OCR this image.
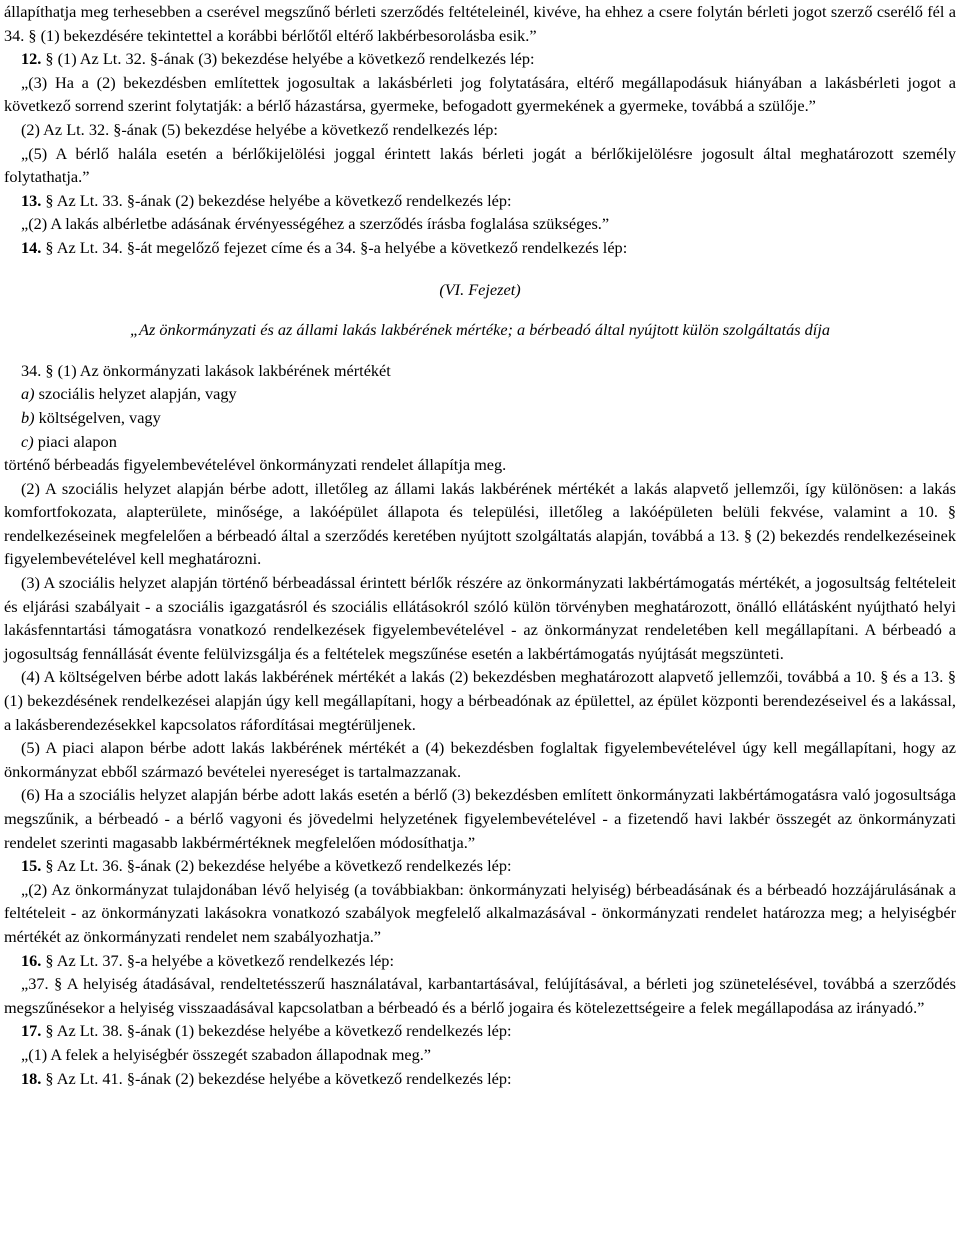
állapíthatja meg terhesebben a cserével megszűnő bérleti szerződés feltételeinél, kivéve, ha ehhez a csere folytán bérleti jogot szerző cserélő fél a 34. § (1) bekezdésére tekintettel a korábbi bérlőtől eltérő lakbérbesorolásba esik.”

12. § (1) Az Lt. 32. §-ának (3) bekezdése helyébe a következő rendelkezés lép:

„(3) Ha a (2) bekezdésben említettek jogosultak a lakásbérleti jog folytatására, eltérő megállapodásuk hiányában a lakásbérleti jogot a következő sorrend szerint folytatják: a bérlő házastársa, gyermeke, befogadott gyermekének a gyermeke, továbbá a szülője.”

(2) Az Lt. 32. §-ának (5) bekezdése helyébe a következő rendelkezés lép:

„(5) A bérlő halála esetén a bérlőkijelölési joggal érintett lakás bérleti jogát a bérlőkijelölésre jogosult által meghatározott személy folytathatja.”

13. § Az Lt. 33. §-ának (2) bekezdése helyébe a következő rendelkezés lép:

„(2) A lakás albérletbe adásának érvényességéhez a szerződés írásba foglalása szükséges.”

14. § Az Lt. 34. §-át megelőző fejezet címe és a 34. §-a helyébe a következő rendelkezés lép:

(VI. Fejezet)

„Az önkormányzati és az állami lakás lakbérének mértéke; a bérbeadó által nyújtott külön szolgáltatás díja

34. § (1) Az önkormányzati lakások lakbérének mértékét

a) szociális helyzet alapján, vagy

b) költségelven, vagy

c) piaci alapon

történő bérbeadás figyelembevételével önkormányzati rendelet állapítja meg.

(2) A szociális helyzet alapján bérbe adott, illetőleg az állami lakás lakbérének mértékét a lakás alapvető jellemzői, így különösen: a lakás komfortfokozata, alapterülete, minősége, a lakóépület állapota és települési, illetőleg a lakóépületen belüli fekvése, valamint a 10. § rendelkezéseinek megfelelően a bérbeadó által a szerződés keretében nyújtott szolgáltatás alapján, továbbá a 13. § (2) bekezdés rendelkezéseinek figyelembevételével kell meghatározni.

(3) A szociális helyzet alapján történő bérbeadással érintett bérlők részére az önkormányzati lakbértámogatás mértékét, a jogosultság feltételeit és eljárási szabályait - a szociális igazgatásról és szociális ellátásokról szóló külön törvényben meghatározott, önálló ellátásként nyújtható helyi lakásfenntartási támogatásra vonatkozó rendelkezések figyelembevételével - az önkormányzat rendeletében kell megállapítani. A bérbeadó a jogosultság fennállását évente felülvizsgálja és a feltételek megszűnése esetén a lakbértámogatás nyújtását megszünteti.

(4) A költségelven bérbe adott lakás lakbérének mértékét a lakás (2) bekezdésben meghatározott alapvető jellemzői, továbbá a 10. § és a 13. § (1) bekezdésének rendelkezései alapján úgy kell megállapítani, hogy a bérbeadónak az épülettel, az épület központi berendezéseivel és a lakással, a lakásberendezésekkel kapcsolatos ráfordításai megtérüljenek.

(5) A piaci alapon bérbe adott lakás lakbérének mértékét a (4) bekezdésben foglaltak figyelembevételével úgy kell megállapítani, hogy az önkormányzat ebből származó bevételei nyereséget is tartalmazzanak.

(6) Ha a szociális helyzet alapján bérbe adott lakás esetén a bérlő (3) bekezdésben említett önkormányzati lakbértámogatásra való jogosultsága megszűnik, a bérbeadó - a bérlő vagyoni és jövedelmi helyzetének figyelembevételével - a fizetendő havi lakbér összegét az önkormányzati rendelet szerinti magasabb lakbérmértéknek megfelelően módosíthatja.”

15. § Az Lt. 36. §-ának (2) bekezdése helyébe a következő rendelkezés lép:

„(2) Az önkormányzat tulajdonában lévő helyiség (a továbbiakban: önkormányzati helyiség) bérbeadásának és a bérbeadó hozzájárulásának a feltételeit - az önkormányzati lakásokra vonatkozó szabályok megfelelő alkalmazásával - önkormányzati rendelet határozza meg; a helyiségbér mértékét az önkormányzati rendelet nem szabályozhatja.”

16. § Az Lt. 37. §-a helyébe a következő rendelkezés lép:

„37. § A helyiség átadásával, rendeltetésszerű használatával, karbantartásával, felújításával, a bérleti jog szünetelésével, továbbá a szerződés megszűnésekor a helyiség visszaadásával kapcsolatban a bérbeadó és a bérlő jogaira és kötelezettségeire a felek megállapodása az irányadó.”

17. § Az Lt. 38. §-ának (1) bekezdése helyébe a következő rendelkezés lép:

„(1) A felek a helyiségbér összegét szabadon állapodnak meg.”

18. § Az Lt. 41. §-ának (2) bekezdése helyébe a következő rendelkezés lép:
